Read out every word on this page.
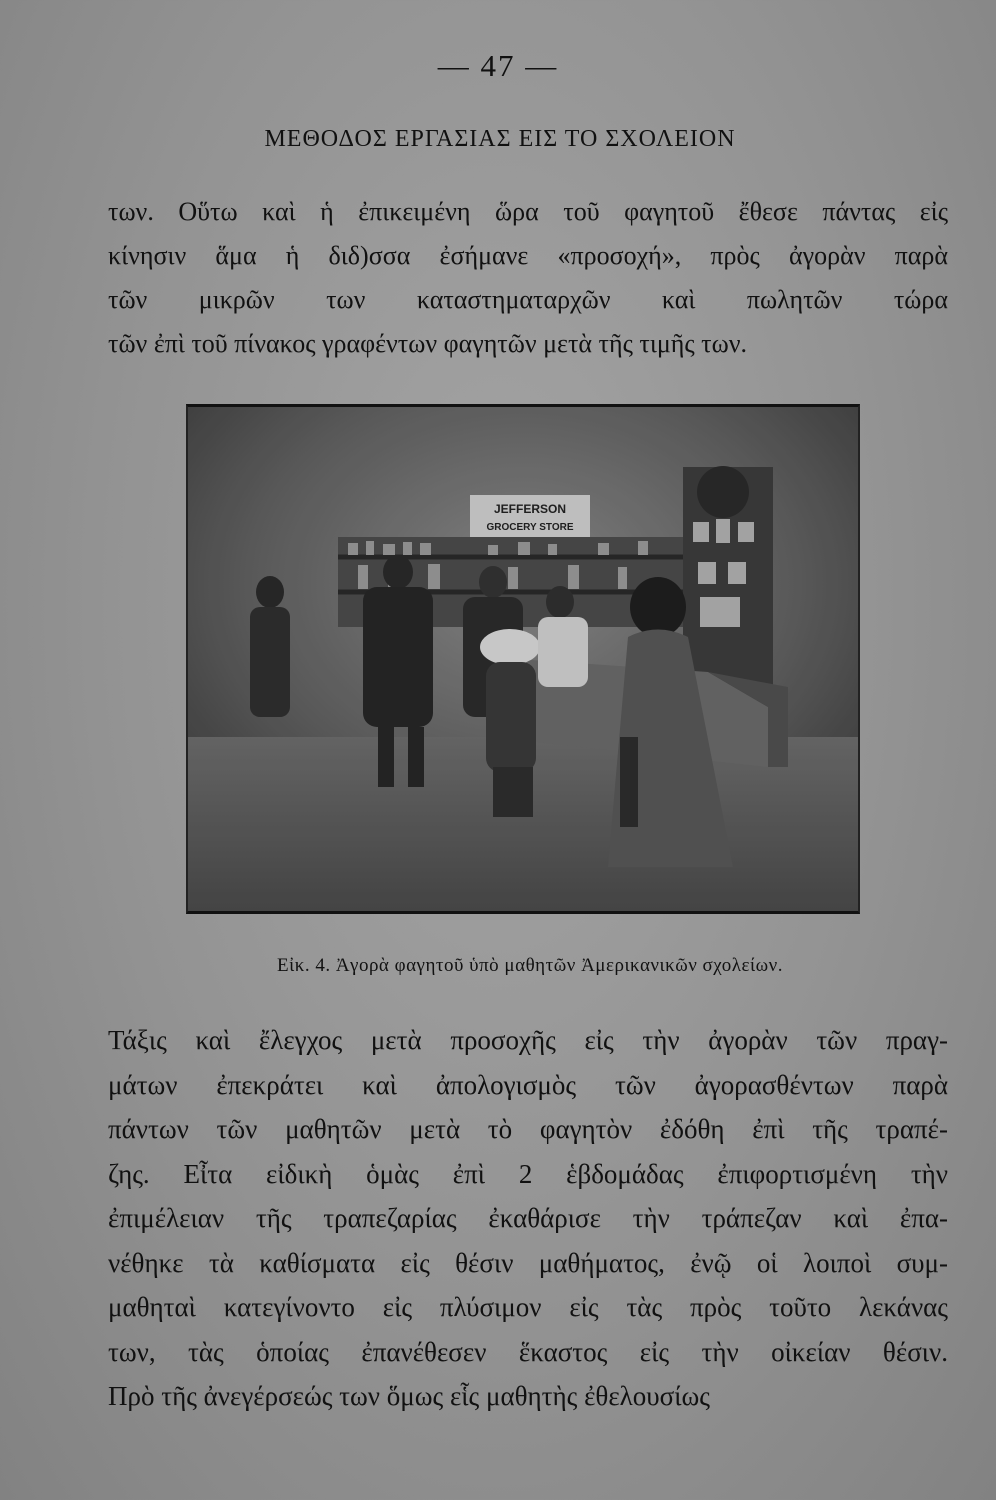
— 47 —
ΜΕΘΟΔΟΣ ΕΡΓΑΣΙΑΣ ΕΙΣ ΤΟ ΣΧΟΛΕΙΟΝ

των. Οὕτω καὶ ἡ ἐπικειμένη ὥρα τοῦ φαγητοῦ ἔθεσε πάντας εἰς
κίνησιν ἅμα ἡ διδ)σσα ἐσήμανε «προσοχή», πρὸς ἀγορὰν παρὰ
τῶν μικρῶν των καταστηματαρχῶν καὶ πωλητῶν τώρα
τῶν ἐπὶ τοῦ πίνακος γραφέντων φαγητῶν μετὰ τῆς τιμῆς των.

JEFFERSON
GROCERY STORE
Εἰκ. 4. Ἀγορὰ φαγητοῦ ὑπὸ μαθητῶν Ἀμερικανικῶν σχολείων.

Τάξις καὶ ἔλεγχος μετὰ προσοχῆς εἰς τὴν ἀγορὰν τῶν πραγ-
μάτων ἐπεκράτει καὶ ἀπολογισμὸς τῶν ἀγορασθέντων παρὰ
πάντων τῶν μαθητῶν μετὰ τὸ φαγητὸν ἐδόθη ἐπὶ τῆς τραπέ-
ζης. Εἶτα εἰδικὴ ὁμὰς ἐπὶ 2 ἑβδομάδας ἐπιφορτισμένη τὴν
ἐπιμέλειαν τῆς τραπεζαρίας ἐκαθάρισε τὴν τράπεζαν καὶ ἐπα-
νέθηκε τὰ καθίσματα εἰς θέσιν μαθήματος, ἐνῷ οἱ λοιποὶ συμ-
μαθηταὶ κατεγίνοντο εἰς πλύσιμον εἰς τὰς πρὸς τοῦτο λεκάνας
των, τὰς ὁποίας ἐπανέθεσεν ἕκαστος εἰς τὴν οἰκείαν θέσιν.
Πρὸ τῆς ἀνεγέρσεώς των ὅμως εἷς μαθητὴς ἐθελουσίως
